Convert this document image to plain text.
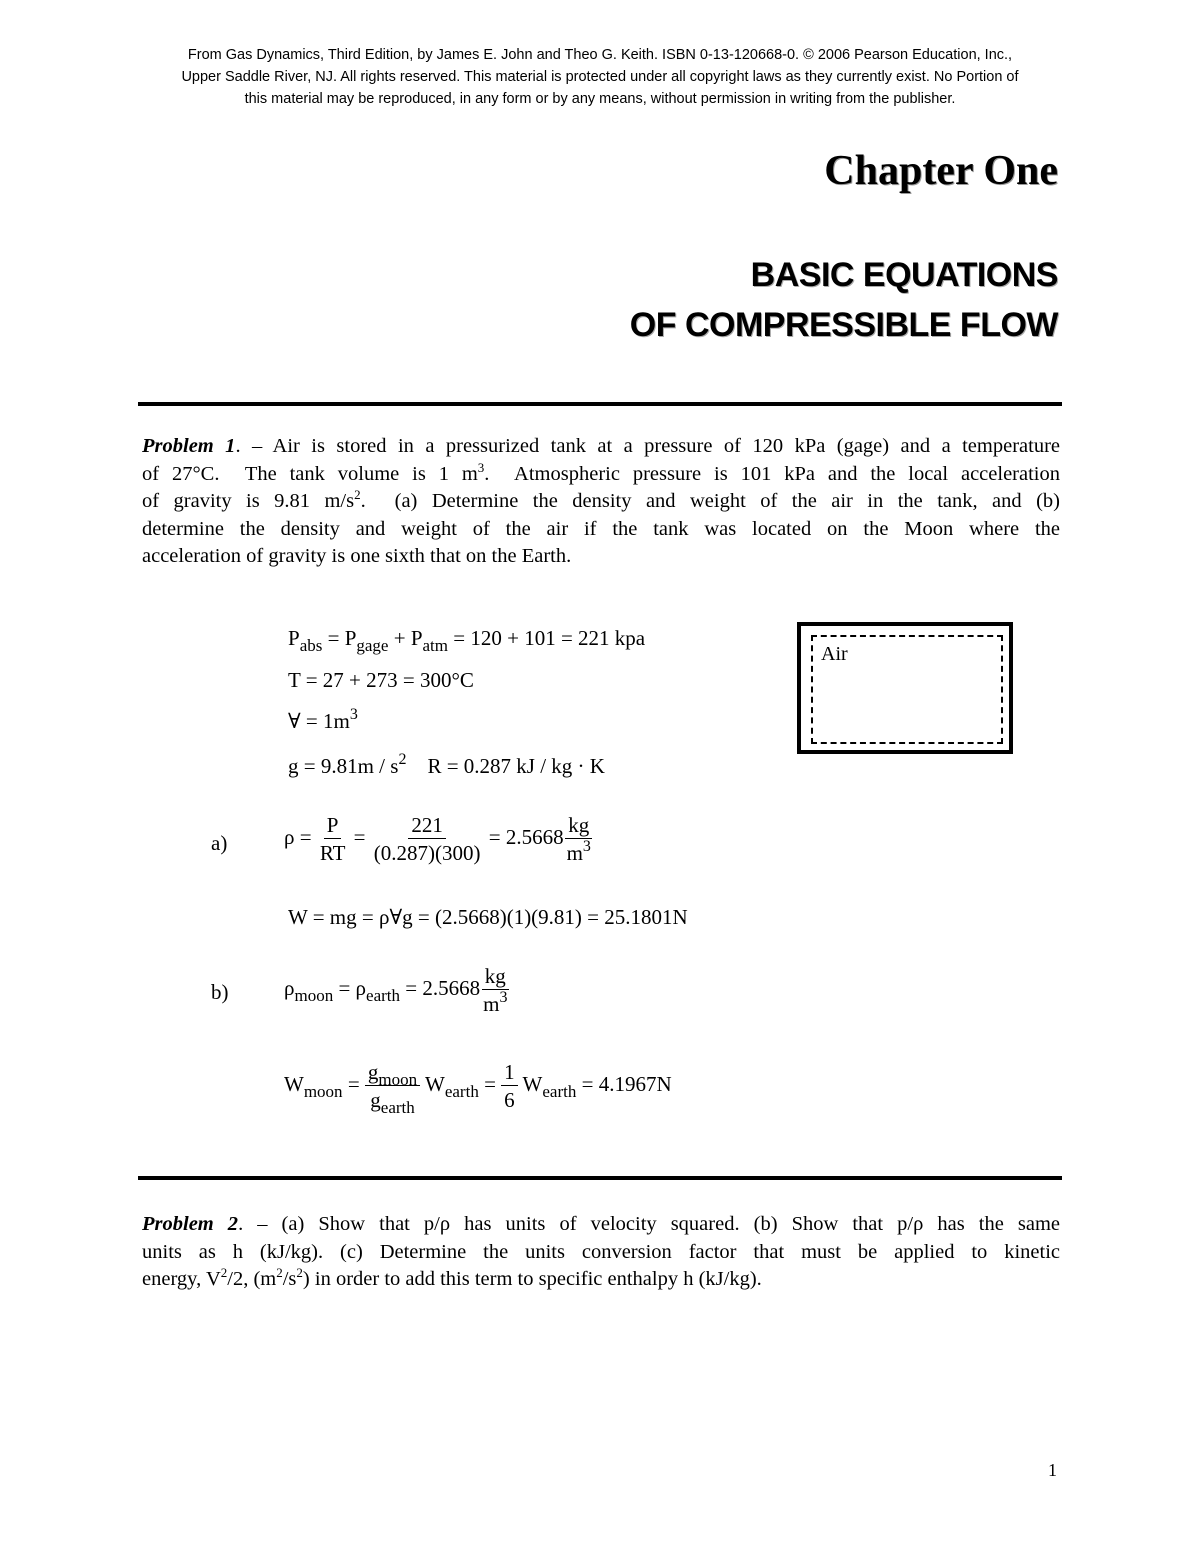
From Gas Dynamics, Third Edition, by James E. John and Theo G. Keith. ISBN 0-13-120668-0. © 2006 Pearson Education, Inc.,
Upper Saddle River, NJ. All rights reserved. This material is protected under all copyright laws as they currently exist. No Portion of
this material may be reproduced, in any form or by any means, without permission in writing from the publisher.
Chapter One
BASIC EQUATIONS
OF COMPRESSIBLE FLOW
Problem 1. – Air is stored in a pressurized tank at a pressure of 120 kPa (gage) and a temperature
of 27°C.  The tank volume is 1 $m^3$.  Atmospheric pressure is 101 kPa and the local acceleration
of gravity is 9.81 $m/s^2$.  (a) Determine the density and weight of the air in the tank, and (b)
determine the density and weight of the air if the tank was located on the Moon where the
acceleration of gravity is one sixth that on the Earth.
Air
$P_{abs} = P_{gage} + P_{atm} = 120 + 101 = 221$ kpa
T = 27 + 273 = 300°C
∀ = $1m^3$
$g = 9.81m / s^2$    R = 0.287 kJ / kg · K
a)	$\rho = \frac{P}{RT} = \frac{221}{(0.287)(300)} = 2.5668 \frac{kg}{m^3}$
W = mg = ρ∀g = (2.5668)(1)(9.81) = 25.1801N
b)	$\rho_{moon} = \rho_{earth} = 2.5668 \frac{kg}{m^3}$
$W_{moon} = \frac{g_{moon}}{g_{earth}} W_{earth} = \frac{1}{6} W_{earth} = 4.1967N$
Problem 2. – (a) Show that p/ρ has units of velocity squared. (b) Show that p/ρ has the same
units as h (kJ/kg). (c) Determine the units conversion factor that must be applied to kinetic
energy, $V^2/2$, $(m^2/s^2)$ in order to add this term to specific enthalpy h (kJ/kg).
1
